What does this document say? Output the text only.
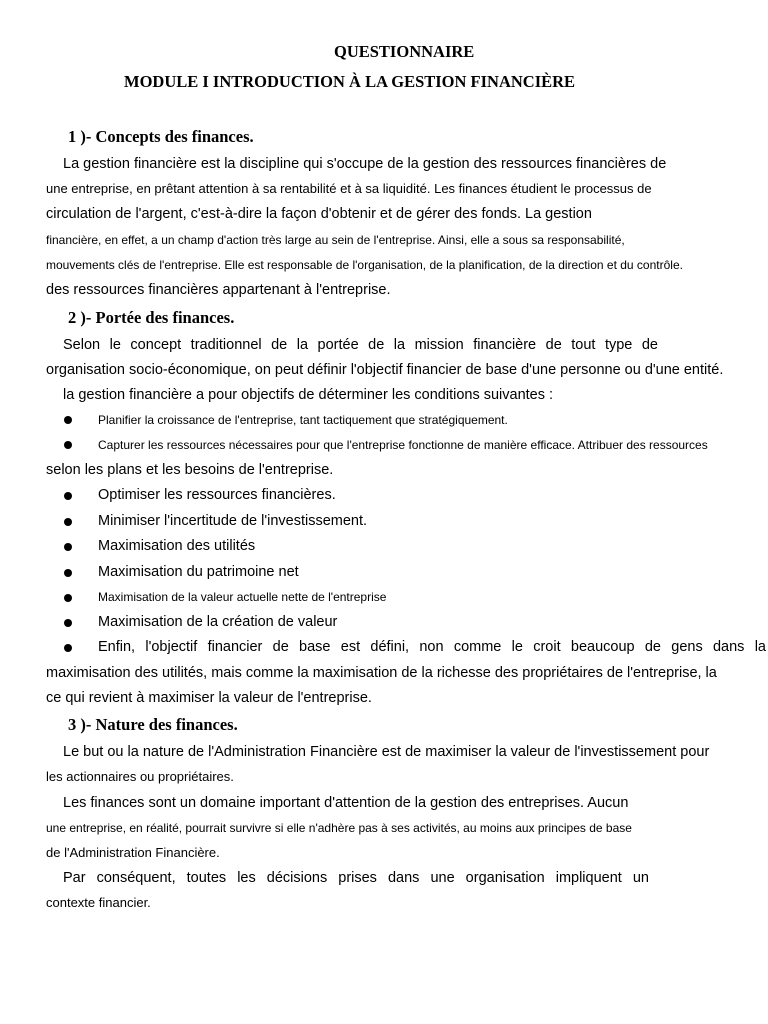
QUESTIONNAIRE
MODULE I INTRODUCTION À LA GESTION FINANCIÈRE
1 )- Concepts des finances.
La gestion financière est la discipline qui s'occupe de la gestion des ressources financières de
une entreprise, en prêtant attention à sa rentabilité et à sa liquidité. Les finances étudient le processus de
circulation de l'argent, c'est-à-dire la façon d'obtenir et de gérer des fonds. La gestion
financière, en effet, a un champ d'action très large au sein de l'entreprise. Ainsi, elle a sous sa responsabilité,
mouvements clés de l'entreprise. Elle est responsable de l'organisation, de la planification, de la direction et du contrôle.
des ressources financières appartenant à l'entreprise.
2 )- Portée des finances.
Selon le concept traditionnel de la portée de la mission financière de tout type de
organisation socio-économique, on peut définir l'objectif financier de base d'une personne ou d'une entité.
la gestion financière a pour objectifs de déterminer les conditions suivantes :
Planifier la croissance de l'entreprise, tant tactiquement que stratégiquement.
Capturer les ressources nécessaires pour que l'entreprise fonctionne de manière efficace. Attribuer des ressources
selon les plans et les besoins de l'entreprise.
Optimiser les ressources financières.
Minimiser l'incertitude de l'investissement.
Maximisation des utilités
Maximisation du patrimoine net
Maximisation de la valeur actuelle nette de l'entreprise
Maximisation de la création de valeur
Enfin, l'objectif financier de base est défini, non comme le croit beaucoup de gens dans la
maximisation des utilités, mais comme la maximisation de la richesse des propriétaires de l'entreprise, la
ce qui revient à maximiser la valeur de l'entreprise.
3 )- Nature des finances.
Le but ou la nature de l'Administration Financière est de maximiser la valeur de l'investissement pour
les actionnaires ou propriétaires.
Les finances sont un domaine important d'attention de la gestion des entreprises. Aucun
une entreprise, en réalité, pourrait survivre si elle n'adhère pas à ses activités, au moins aux principes de base
de l'Administration Financière.
Par conséquent, toutes les décisions prises dans une organisation impliquent un
contexte financier.
